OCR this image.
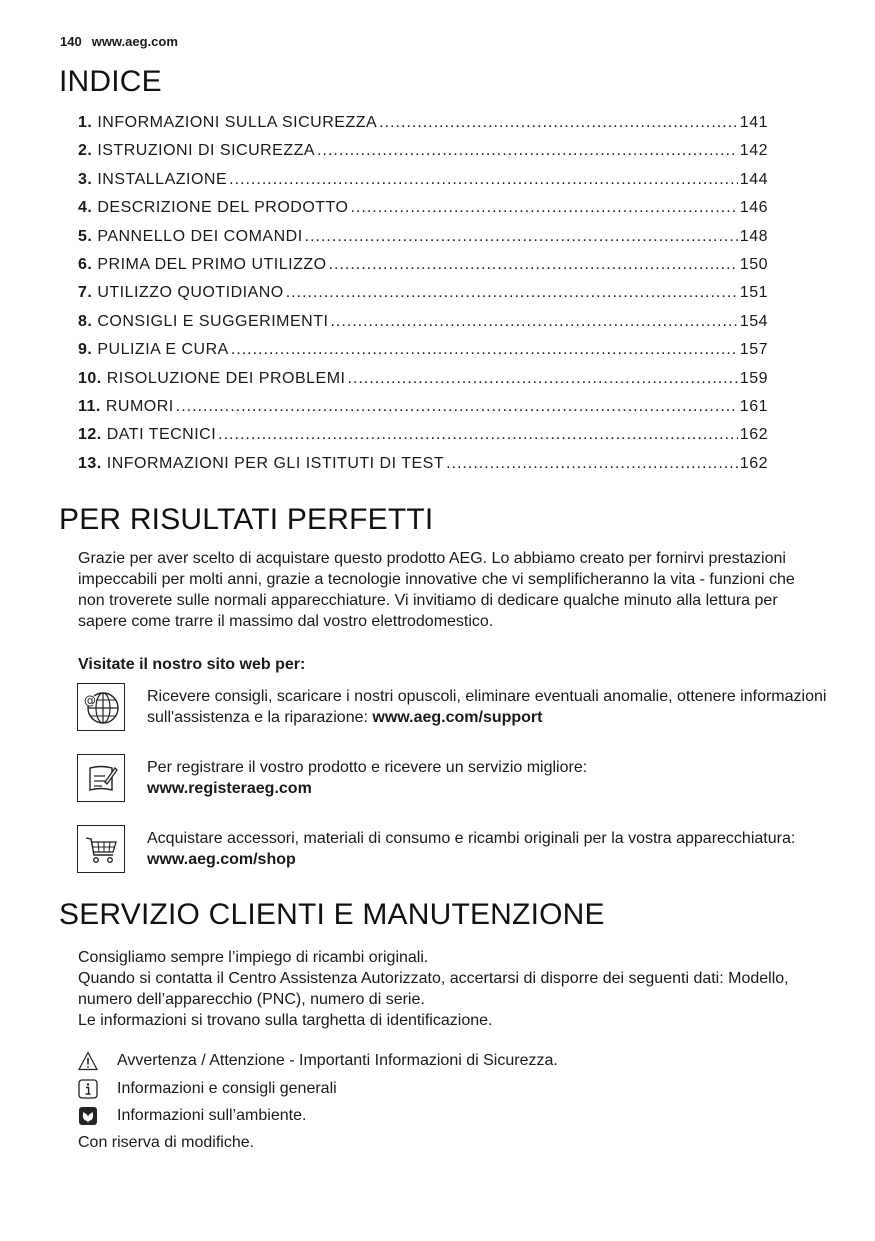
140 www.aeg.com
INDICE
1. INFORMAZIONI SULLA SICUREZZA .....	141
2. ISTRUZIONI DI SICUREZZA .....	142
3. INSTALLAZIONE .....	144
4. DESCRIZIONE DEL PRODOTTO .....	146
5. PANNELLO DEI COMANDI .....	148
6. PRIMA DEL PRIMO UTILIZZO .....	150
7. UTILIZZO QUOTIDIANO .....	151
8. CONSIGLI E SUGGERIMENTI .....	154
9. PULIZIA E CURA .....	157
10. RISOLUZIONE DEI PROBLEMI .....	159
11. RUMORI .....	161
12. DATI TECNICI .....	162
13. INFORMAZIONI PER GLI ISTITUTI DI TEST .....	162
PER RISULTATI PERFETTI
Grazie per aver scelto di acquistare questo prodotto AEG. Lo abbiamo creato per fornirvi prestazioni impeccabili per molti anni, grazie a tecnologie innovative che vi semplificheranno la vita - funzioni che non troverete sulle normali apparecchiature. Vi invitiamo di dedicare qualche minuto alla lettura per sapere come trarre il massimo dal vostro elettrodomestico.
Visitate il nostro sito web per:
@	Ricevere consigli, scaricare i nostri opuscoli, eliminare eventuali anomalie, ottenere informazioni sull'assistenza e la riparazione: www.aeg.com/support
Per registrare il vostro prodotto e ricevere un servizio migliore:
www.registeraeg.com
Acquistare accessori, materiali di consumo e ricambi originali per la vostra apparecchiatura: www.aeg.com/shop
SERVIZIO CLIENTI E MANUTENZIONE
Consigliamo sempre l’impiego di ricambi originali.
Quando si contatta il Centro Assistenza Autorizzato, accertarsi di disporre dei seguenti dati: Modello, numero dell’apparecchio (PNC), numero di serie.
Le informazioni si trovano sulla targhetta di identificazione.
Avvertenza / Attenzione - Importanti Informazioni di Sicurezza.
Informazioni e consigli generali
Informazioni sull’ambiente.
Con riserva di modifiche.
